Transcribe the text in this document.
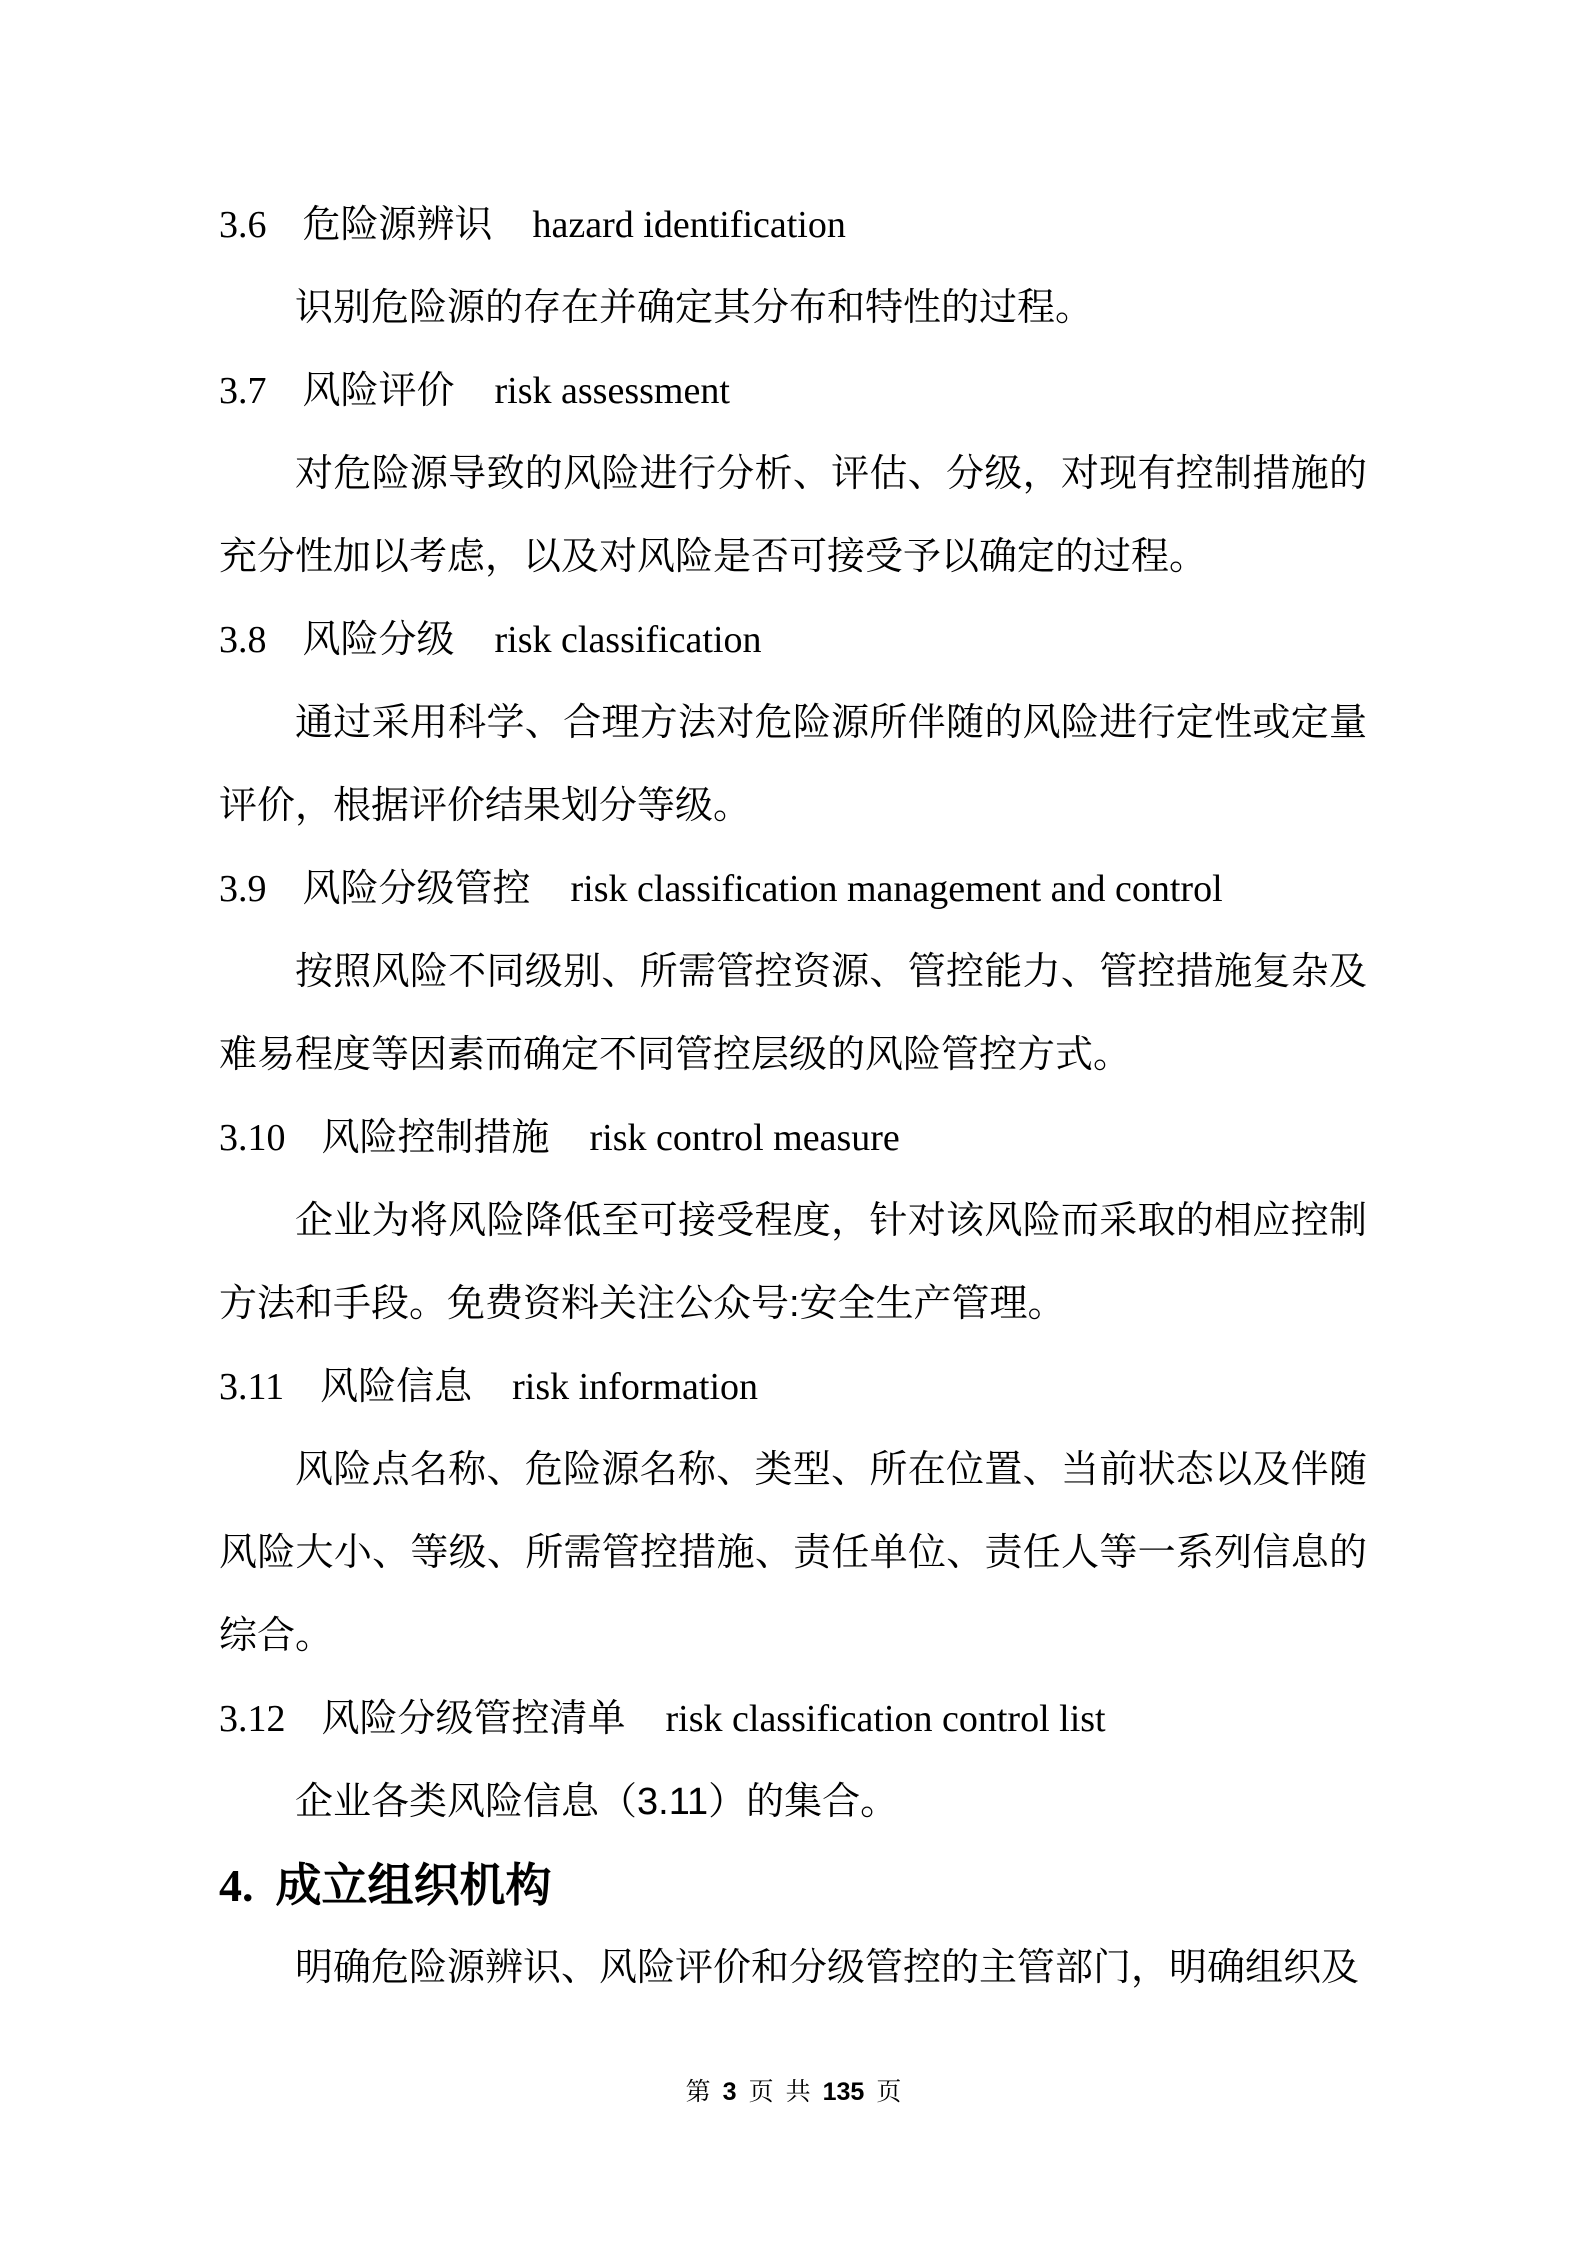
3.6 危险源辨识 hazard identification
识别危险源的存在并确定其分布和特性的过程。
3.7 风险评价 risk assessment
对危险源导致的风险进行分析、评估、分级，对现有控制措施的充分性加以考虑，以及对风险是否可接受予以确定的过程。
3.8 风险分级 risk classification
通过采用科学、合理方法对危险源所伴随的风险进行定性或定量评价，根据评价结果划分等级。
3.9 风险分级管控 risk classification management and control
按照风险不同级别、所需管控资源、管控能力、管控措施复杂及难易程度等因素而确定不同管控层级的风险管控方式。
3.10 风险控制措施 risk control measure
企业为将风险降低至可接受程度，针对该风险而采取的相应控制方法和手段。免费资料关注公众号:安全生产管理。
3.11 风险信息 risk information
风险点名称、危险源名称、类型、所在位置、当前状态以及伴随风险大小、等级、所需管控措施、责任单位、责任人等一系列信息的综合。
3.12 风险分级管控清单 risk classification control list
企业各类风险信息（3.11）的集合。
4. 成立组织机构
明确危险源辨识、风险评价和分级管控的主管部门，明确组织及
第 3 页 共 135 页
